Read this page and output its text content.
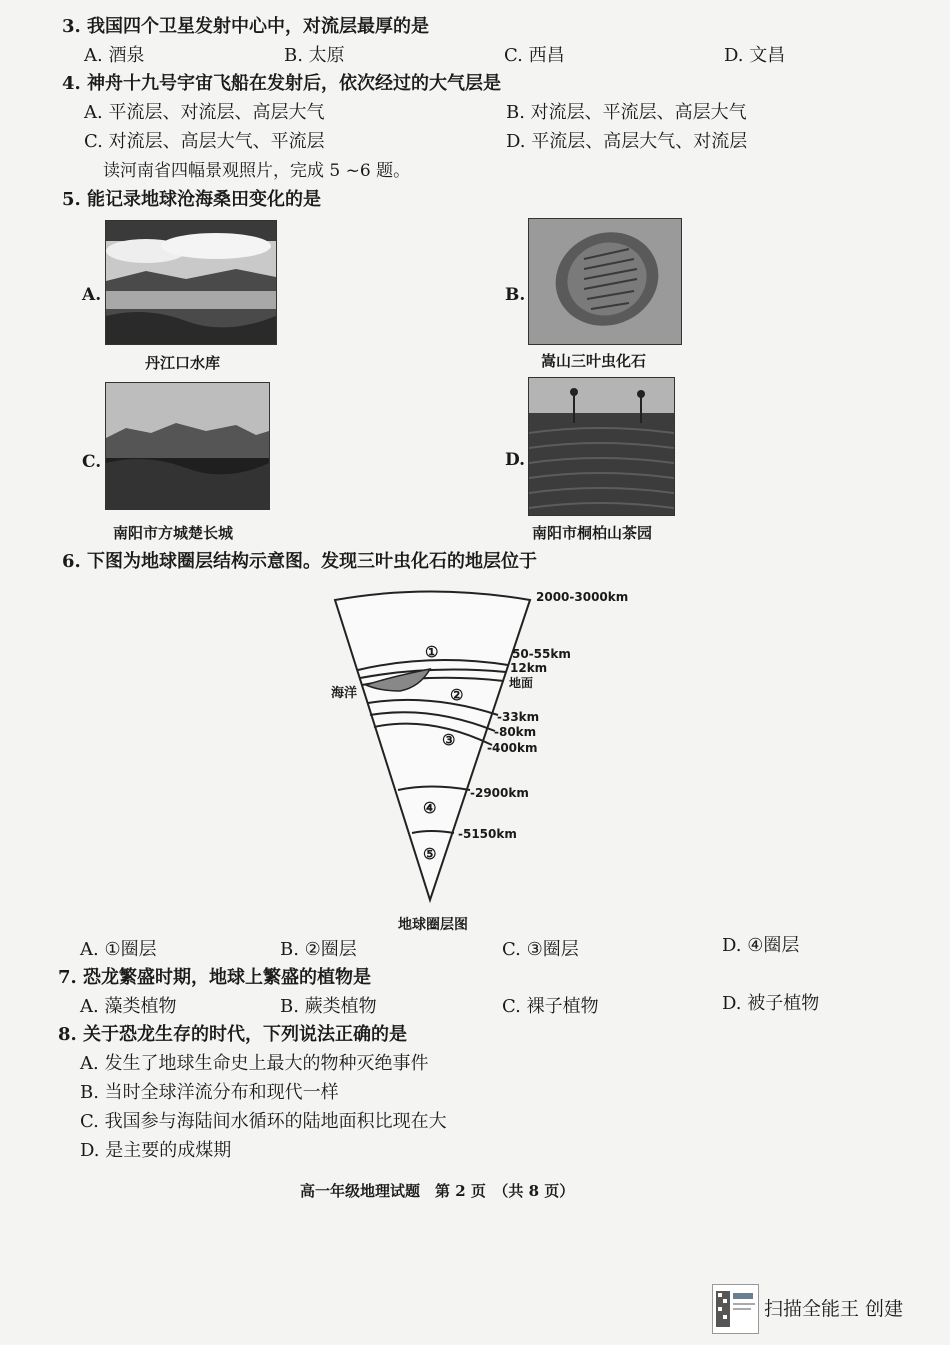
3. 我国四个卫星发射中心中，对流层最厚的是
A. 酒泉	B. 太原	C. 西昌	D. 文昌
4. 神舟十九号宇宙飞船在发射后，依次经过的大气层是
A. 平流层、对流层、高层大气	B. 对流层、平流层、高层大气
C. 对流层、高层大气、平流层	D. 平流层、高层大气、对流层
读河南省四幅景观照片，完成 5 ~6 题。
5. 能记录地球沧海桑田变化的是
A.
丹江口水库
B.
嵩山三叶虫化石
C.
南阳市方城楚长城
D.
南阳市桐柏山茶园
6. 下图为地球圈层结构示意图。发现三叶虫化石的地层位于
①
②
③
④
⑤
2000-3000km
50-55km
12km
地面
海洋
-33km
-80km
-400km
-2900km
-5150km
地球圈层图
A. ①圈层	B. ②圈层	C. ③圈层	D. ④圈层
7. 恐龙繁盛时期，地球上繁盛的植物是
A. 藻类植物	B. 蕨类植物	C. 裸子植物	D. 被子植物
8. 关于恐龙生存的时代，下列说法正确的是
A. 发生了地球生命史上最大的物种灭绝事件
B. 当时全球洋流分布和现代一样
C. 我国参与海陆间水循环的陆地面积比现在大
D. 是主要的成煤期
高一年级地理试题　第 2 页　（共 8 页）
扫描全能王 创建
